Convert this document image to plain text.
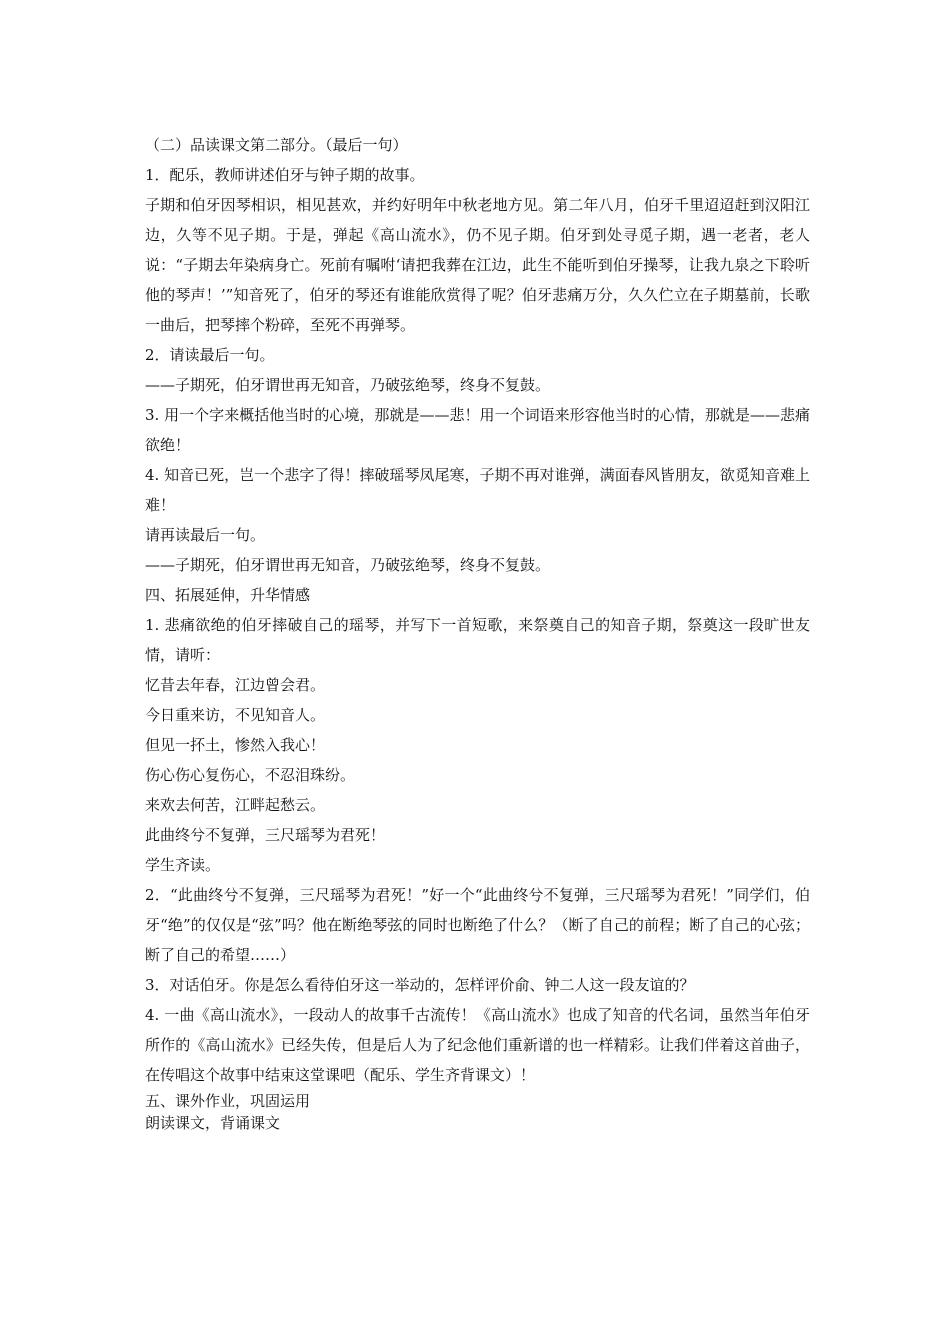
（二）品读课文第二部分。（最后一句）
1．配乐，教师讲述伯牙与钟子期的故事。

子期和伯牙因琴相识，相见甚欢，并约好明年中秋老地方见。第二年八月，伯牙千里迢迢赶到汉阳江边，久等不见子期。于是，弹起《高山流水》，仍不见子期。伯牙到处寻觅子期，遇一老者，老人说：“子期去年染病身亡。死前有嘱咐‘请把我葬在江边，此生不能听到伯牙操琴，让我九泉之下聆听他的琴声！’”知音死了，伯牙的琴还有谁能欣赏得了呢？伯牙悲痛万分，久久伫立在子期墓前，长歌一曲后，把琴摔个粉碎，至死不再弹琴。

2．请读最后一句。
——子期死，伯牙谓世再无知音，乃破弦绝琴，终身不复鼓。

3. 用一个字来概括他当时的心境，那就是——悲！用一个词语来形容他当时的心情，那就是——悲痛欲绝！

4. 知音已死，岂一个悲字了得！摔破瑶琴凤尾寒，子期不再对谁弹，满面春风皆朋友，欲觅知音难上难！

请再读最后一句。
——子期死，伯牙谓世再无知音，乃破弦绝琴，终身不复鼓。
四、拓展延伸，升华情感

1. 悲痛欲绝的伯牙摔破自己的瑶琴，并写下一首短歌，来祭奠自己的知音子期，祭奠这一段旷世友情，请听：

忆昔去年春，江边曾会君。
今日重来访，不见知音人。
但见一抔土，惨然入我心！
伤心伤心复伤心，不忍泪珠纷。
来欢去何苦，江畔起愁云。
此曲终兮不复弹，三尺瑶琴为君死！
学生齐读。

2．“此曲终兮不复弹，三尺瑶琴为君死！”好一个“此曲终兮不复弹，三尺瑶琴为君死！”同学们，伯牙“绝”的仅仅是“弦”吗？他在断绝琴弦的同时也断绝了什么？（断了自己的前程；断了自己的心弦；断了自己的希望……）

3．对话伯牙。你是怎么看待伯牙这一举动的，怎样评价俞、钟二人这一段友谊的？

4. 一曲《高山流水》，一段动人的故事千古流传！《高山流水》也成了知音的代名词，虽然当年伯牙所作的《高山流水》已经失传，但是后人为了纪念他们重新谱的也一样精彩。让我们伴着这首曲子，在传唱这个故事中结束这堂课吧（配乐、学生齐背课文）！

五、课外作业，巩固运用
朗读课文，背诵课文
